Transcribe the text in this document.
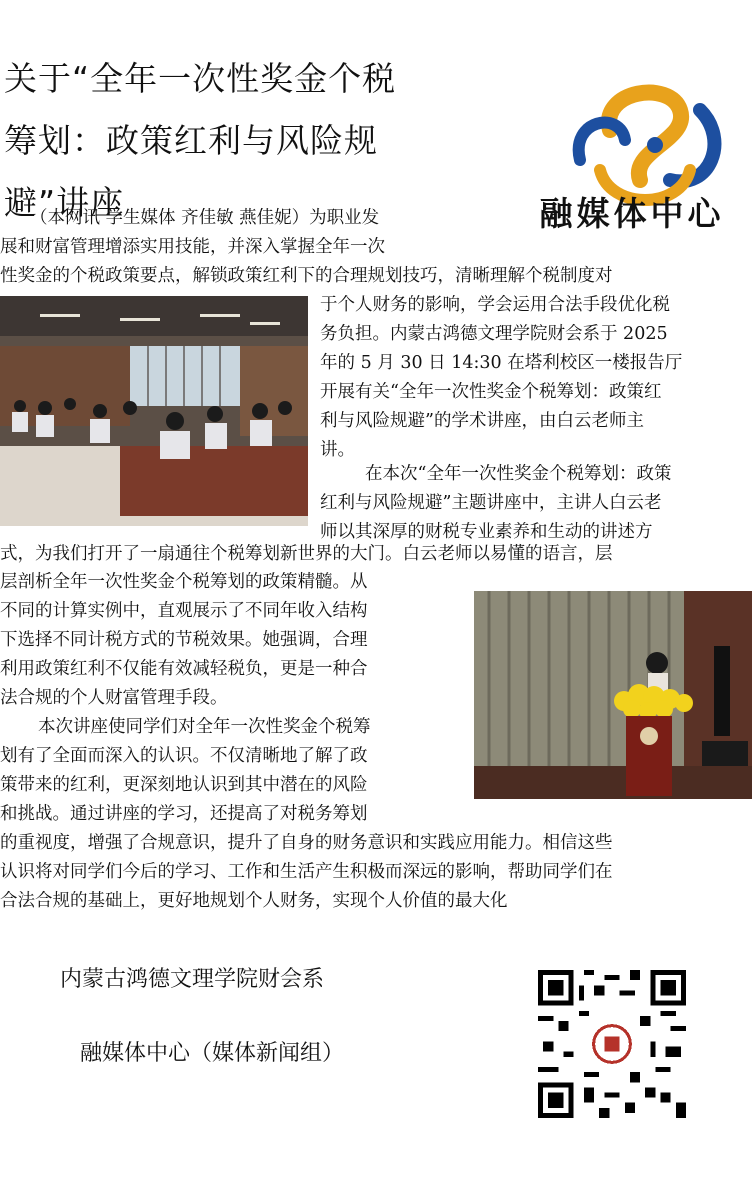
关于“全年一次性奖金个税
筹划：政策红利与风险规
避”讲座	融媒体中心
（本网讯 学生媒体 齐佳敏 燕佳妮）为职业发
展和财富管理增添实用技能，并深入掌握全年一次
性奖金的个税政策要点，解锁政策红利下的合理规划技巧，清晰理解个税制度对
于个人财务的影响，学会运用合法手段优化税
务负担。内蒙古鸿德文理学院财会系于 2025
年的 5 月 30 日 14:30 在塔利校区一楼报告厅
开展有关“全年一次性奖金个税筹划：政策红
利与风险规避”的学术讲座，由白云老师主
讲。
在本次“全年一次性奖金个税筹划：政策
红利与风险规避”主题讲座中，主讲人白云老
师以其深厚的财税专业素养和生动的讲述方
式，为我们打开了一扇通往个税筹划新世界的大门。白云老师以易懂的语言，层
层剖析全年一次性奖金个税筹划的政策精髓。从
不同的计算实例中，直观展示了不同年收入结构
下选择不同计税方式的节税效果。她强调，合理
利用政策红利不仅能有效减轻税负，更是一种合
法合规的个人财富管理手段。
本次讲座使同学们对全年一次性奖金个税筹
划有了全面而深入的认识。不仅清晰地了解了政
策带来的红利，更深刻地认识到其中潜在的风险
和挑战。通过讲座的学习，还提高了对税务筹划
的重视度，增强了合规意识，提升了自身的财务意识和实践应用能力。相信这些
认识将对同学们今后的学习、工作和生活产生积极而深远的影响，帮助同学们在
合法合规的基础上，更好地规划个人财务，实现个人价值的最大化
内蒙古鸿德文理学院财会系
融媒体中心（媒体新闻组）
